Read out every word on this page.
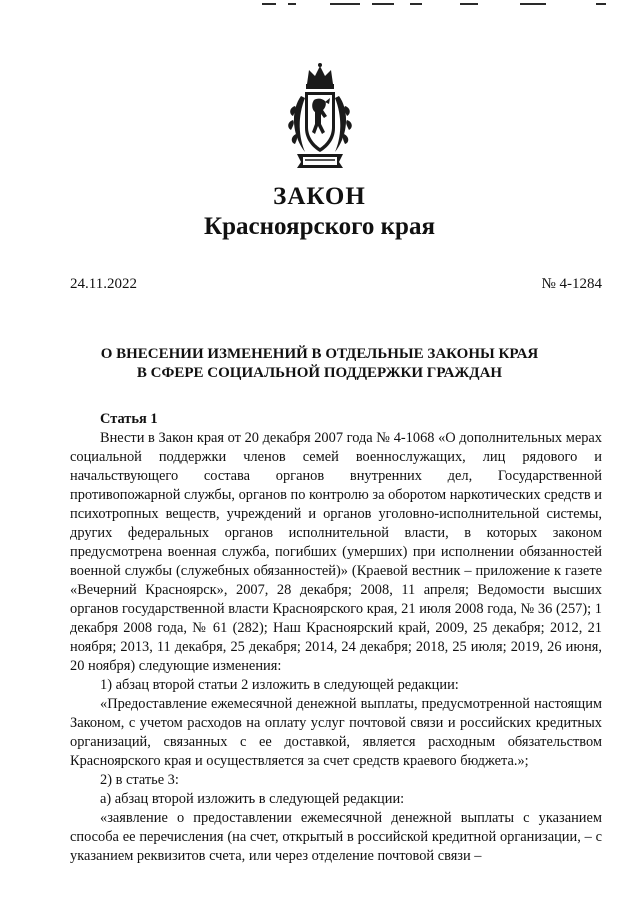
ЗАКОН
Красноярского края
24.11.2022	№ 4-1284
О ВНЕСЕНИИ ИЗМЕНЕНИЙ В ОТДЕЛЬНЫЕ ЗАКОНЫ КРАЯ
В СФЕРЕ СОЦИАЛЬНОЙ ПОДДЕРЖКИ ГРАЖДАН

Статья 1

Внести в Закон края от 20 декабря 2007 года № 4-1068 «О дополнительных мерах социальной поддержки членов семей военнослужащих, лиц рядового и начальствующего состава органов внутренних дел, Государственной противопожарной службы, органов по контролю за оборотом наркотических средств и психотропных веществ, учреждений и органов уголовно-исполнительной системы, других федеральных органов исполнительной власти, в которых законом предусмотрена военная служба, погибших (умерших) при исполнении обязанностей военной службы (служебных обязанностей)» (Краевой вестник – приложение к газете «Вечерний Красноярск», 2007, 28 декабря; 2008, 11 апреля; Ведомости высших органов государственной власти Красноярского края, 21 июля 2008 года, № 36 (257); 1 декабря 2008 года, № 61 (282); Наш Красноярский край, 2009, 25 декабря; 2012, 21 ноября; 2013, 11 декабря, 25 декабря; 2014, 24 декабря; 2018, 25 июля; 2019, 26 июня, 20 ноября) следующие изменения:

1) абзац второй статьи 2 изложить в следующей редакции:

«Предоставление ежемесячной денежной выплаты, предусмотренной настоящим Законом, с учетом расходов на оплату услуг почтовой связи и российских кредитных организаций, связанных с ее доставкой, является расходным обязательством Красноярского края и осуществляется за счет средств краевого бюджета.»;

2) в статье 3:

а) абзац второй изложить в следующей редакции:

«заявление о предоставлении ежемесячной денежной выплаты с указанием способа ее перечисления (на счет, открытый в российской кредитной организации, – с указанием реквизитов счета, или через отделение почтовой связи –
